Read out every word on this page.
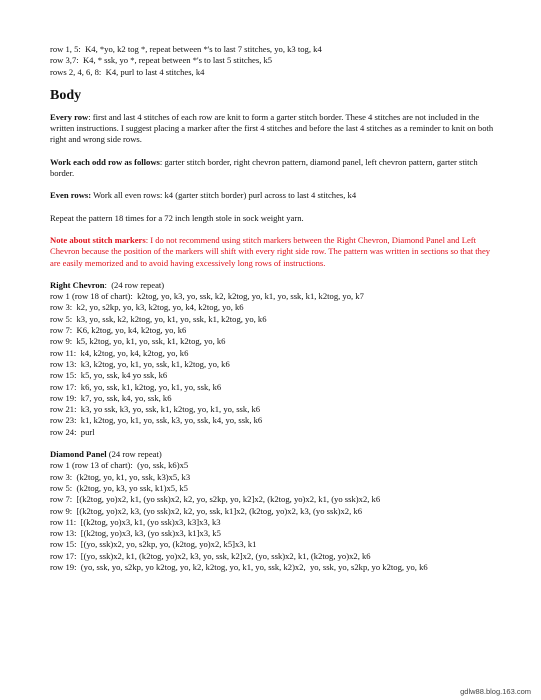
row 1, 5:  K4, *yo, k2 tog *, repeat between *'s to last 7 stitches, yo, k3 tog, k4
row 3,7:  K4, * ssk, yo *, repeat between *'s to last 5 stitches, k5
rows 2, 4, 6, 8:  K4, purl to last 4 stitches, k4
Body

Every row: first and last 4 stitches of each row are knit to form a garter stitch border. These 4 stitches are not included in the written instructions. I suggest placing a marker after the first 4 stitches and before the last 4 stitches as a reminder to knit on both right and wrong side rows.

Work each odd row as follows: garter stitch border, right chevron pattern, diamond panel, left chevron pattern, garter stitch border.

Even rows: Work all even rows: k4 (garter stitch border) purl across to last 4 stitches, k4

Repeat the pattern 18 times for a 72 inch length stole in sock weight yarn.

Note about stitch markers: I do not recommend using stitch markers between the Right Chevron, Diamond Panel and Left Chevron because the position of the markers will shift with every right side row. The pattern was written in sections so that they are easily memorized and to avoid having excessively long rows of instructions.

Right Chevron:  (24 row repeat)
row 1 (row 18 of chart):  k2tog, yo, k3, yo, ssk, k2, k2tog, yo, k1, yo, ssk, k1, k2tog, yo, k7
row 3:  k2, yo, s2kp, yo, k3, k2tog, yo, k4, k2tog, yo, k6
row 5:  k3, yo, ssk, k2, k2tog, yo, k1, yo, ssk, k1, k2tog, yo, k6
row 7:  K6, k2tog, yo, k4, k2tog, yo, k6
row 9:  k5, k2tog, yo, k1, yo, ssk, k1, k2tog, yo, k6
row 11:  k4, k2tog, yo, k4, k2tog, yo, k6
row 13:  k3, k2tog, yo, k1, yo, ssk, k1, k2tog, yo, k6
row 15:  k5, yo, ssk, k4 yo ssk, k6
row 17:  k6, yo, ssk, k1, k2tog, yo, k1, yo, ssk, k6
row 19:  k7, yo, ssk, k4, yo, ssk, k6
row 21:  k3, yo ssk, k3, yo, ssk, k1, k2tog, yo, k1, yo, ssk, k6
row 23:  k1, k2tog, yo, k1, yo, ssk, k3, yo, ssk, k4, yo, ssk, k6
row 24:  purl
Diamond Panel (24 row repeat)
row 1 (row 13 of chart):  (yo, ssk, k6)x5
row 3:  (k2tog, yo, k1, yo, ssk, k3)x5, k3
row 5:  (k2tog, yo, k3, yo ssk, k1)x5, k5
row 7:  [(k2tog, yo)x2, k1, (yo ssk)x2, k2, yo, s2kp, yo, k2]x2, (k2tog, yo)x2, k1, (yo ssk)x2, k6
row 9:  [(k2tog, yo)x2, k3, (yo ssk)x2, k2, yo, ssk, k1]x2, (k2tog, yo)x2, k3, (yo ssk)x2, k6
row 11:  [(k2tog, yo)x3, k1, (yo ssk)x3, k3]x3, k3
row 13:  [(k2tog, yo)x3, k3, (yo ssk)x3, k1]x3, k5
row 15:  [(yo, ssk)x2, yo, s2kp, yo, (k2tog, yo)x2, k5]x3, k1
row 17:  [(yo, ssk)x2, k1, (k2tog, yo)x2, k3, yo, ssk, k2]x2, (yo, ssk)x2, k1, (k2tog, yo)x2, k6
row 19:  (yo, ssk, yo, s2kp, yo k2tog, yo, k2, k2tog, yo, k1, yo, ssk, k2)x2,  yo, ssk, yo, s2kp, yo k2tog, yo, k6
gdlw88.blog.163.com
